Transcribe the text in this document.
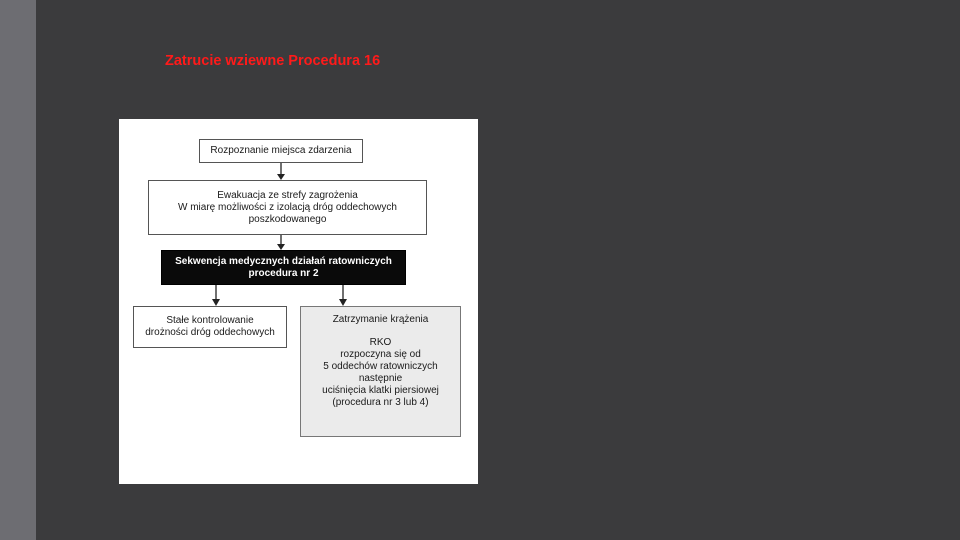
Zatrucie wziewne Procedura 16
Rozpoznanie miejsca zdarzenia
Ewakuacja ze strefy zagrożenia
W miarę możliwości z izolacją dróg oddechowych
poszkodowanego
Sekwencja medycznych działań ratowniczych
procedura nr 2
Stałe kontrolowanie
drożności dróg oddechowych
Zatrzymanie krążenia
RKO
rozpoczyna się od
5 oddechów ratowniczych
następnie
uciśnięcia klatki piersiowej
(procedura nr 3 lub 4)
